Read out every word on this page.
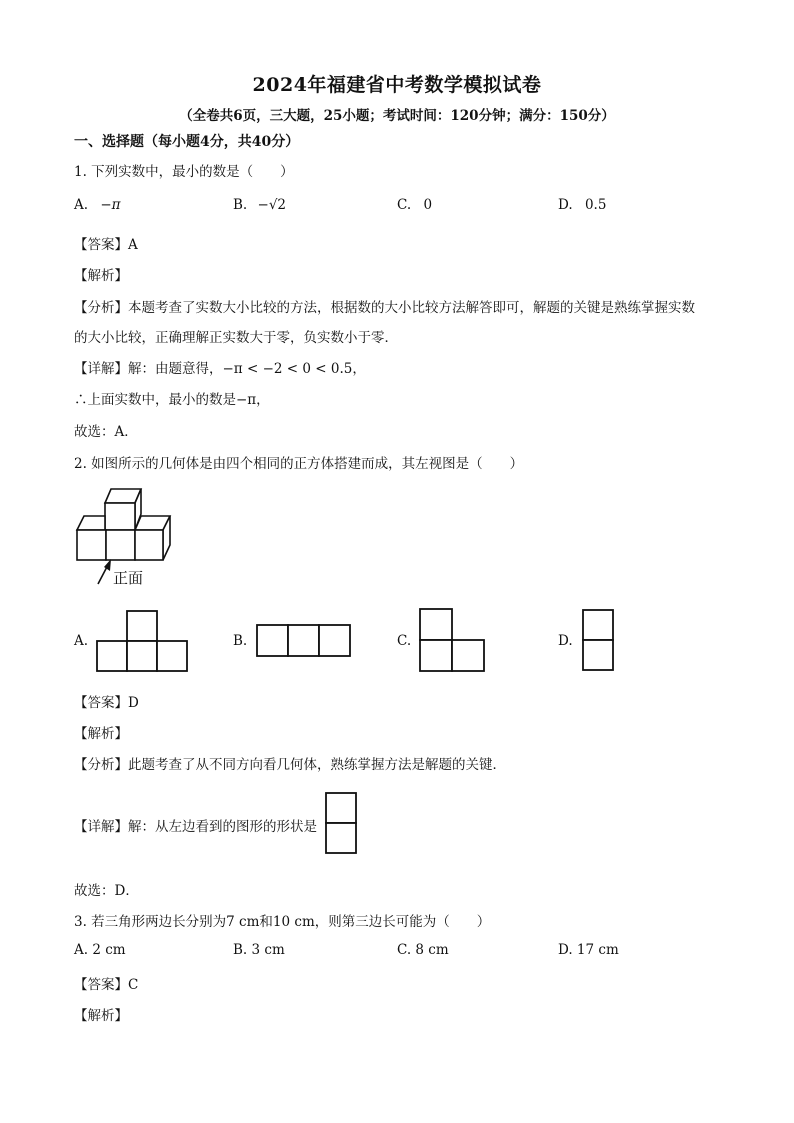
2024年福建省中考数学模拟试卷
（全卷共6页，三大题，25小题；考试时间：120分钟；满分：150分）
一、选择题（每小题4分，共40分）
1. 下列实数中，最小的数是（　　）
A. −π	B. −√2	C. 0	D. 0.5
【答案】A
【解析】
【分析】本题考查了实数大小比较的方法，根据数的大小比较方法解答即可，解题的关键是熟练掌握实数
的大小比较，正确理解正实数大于零，负实数小于零．
【详解】解：由题意得，−π < −2 < 0 < 0.5，
∴上面实数中，最小的数是−π，
故选：A．
2. 如图所示的几何体是由四个相同的正方体搭建而成，其左视图是（　　）
正面
A.	B.	C.	D.
【答案】D
【解析】
【分析】此题考查了从不同方向看几何体，熟练掌握方法是解题的关键．
【详解】解：从左边看到的图形的形状是
故选：D．
3. 若三角形两边长分别为7 cm和10 cm，则第三边长可能为（　　）
A. 2 cm	B. 3 cm	C. 8 cm	D. 17 cm
【答案】C
【解析】
